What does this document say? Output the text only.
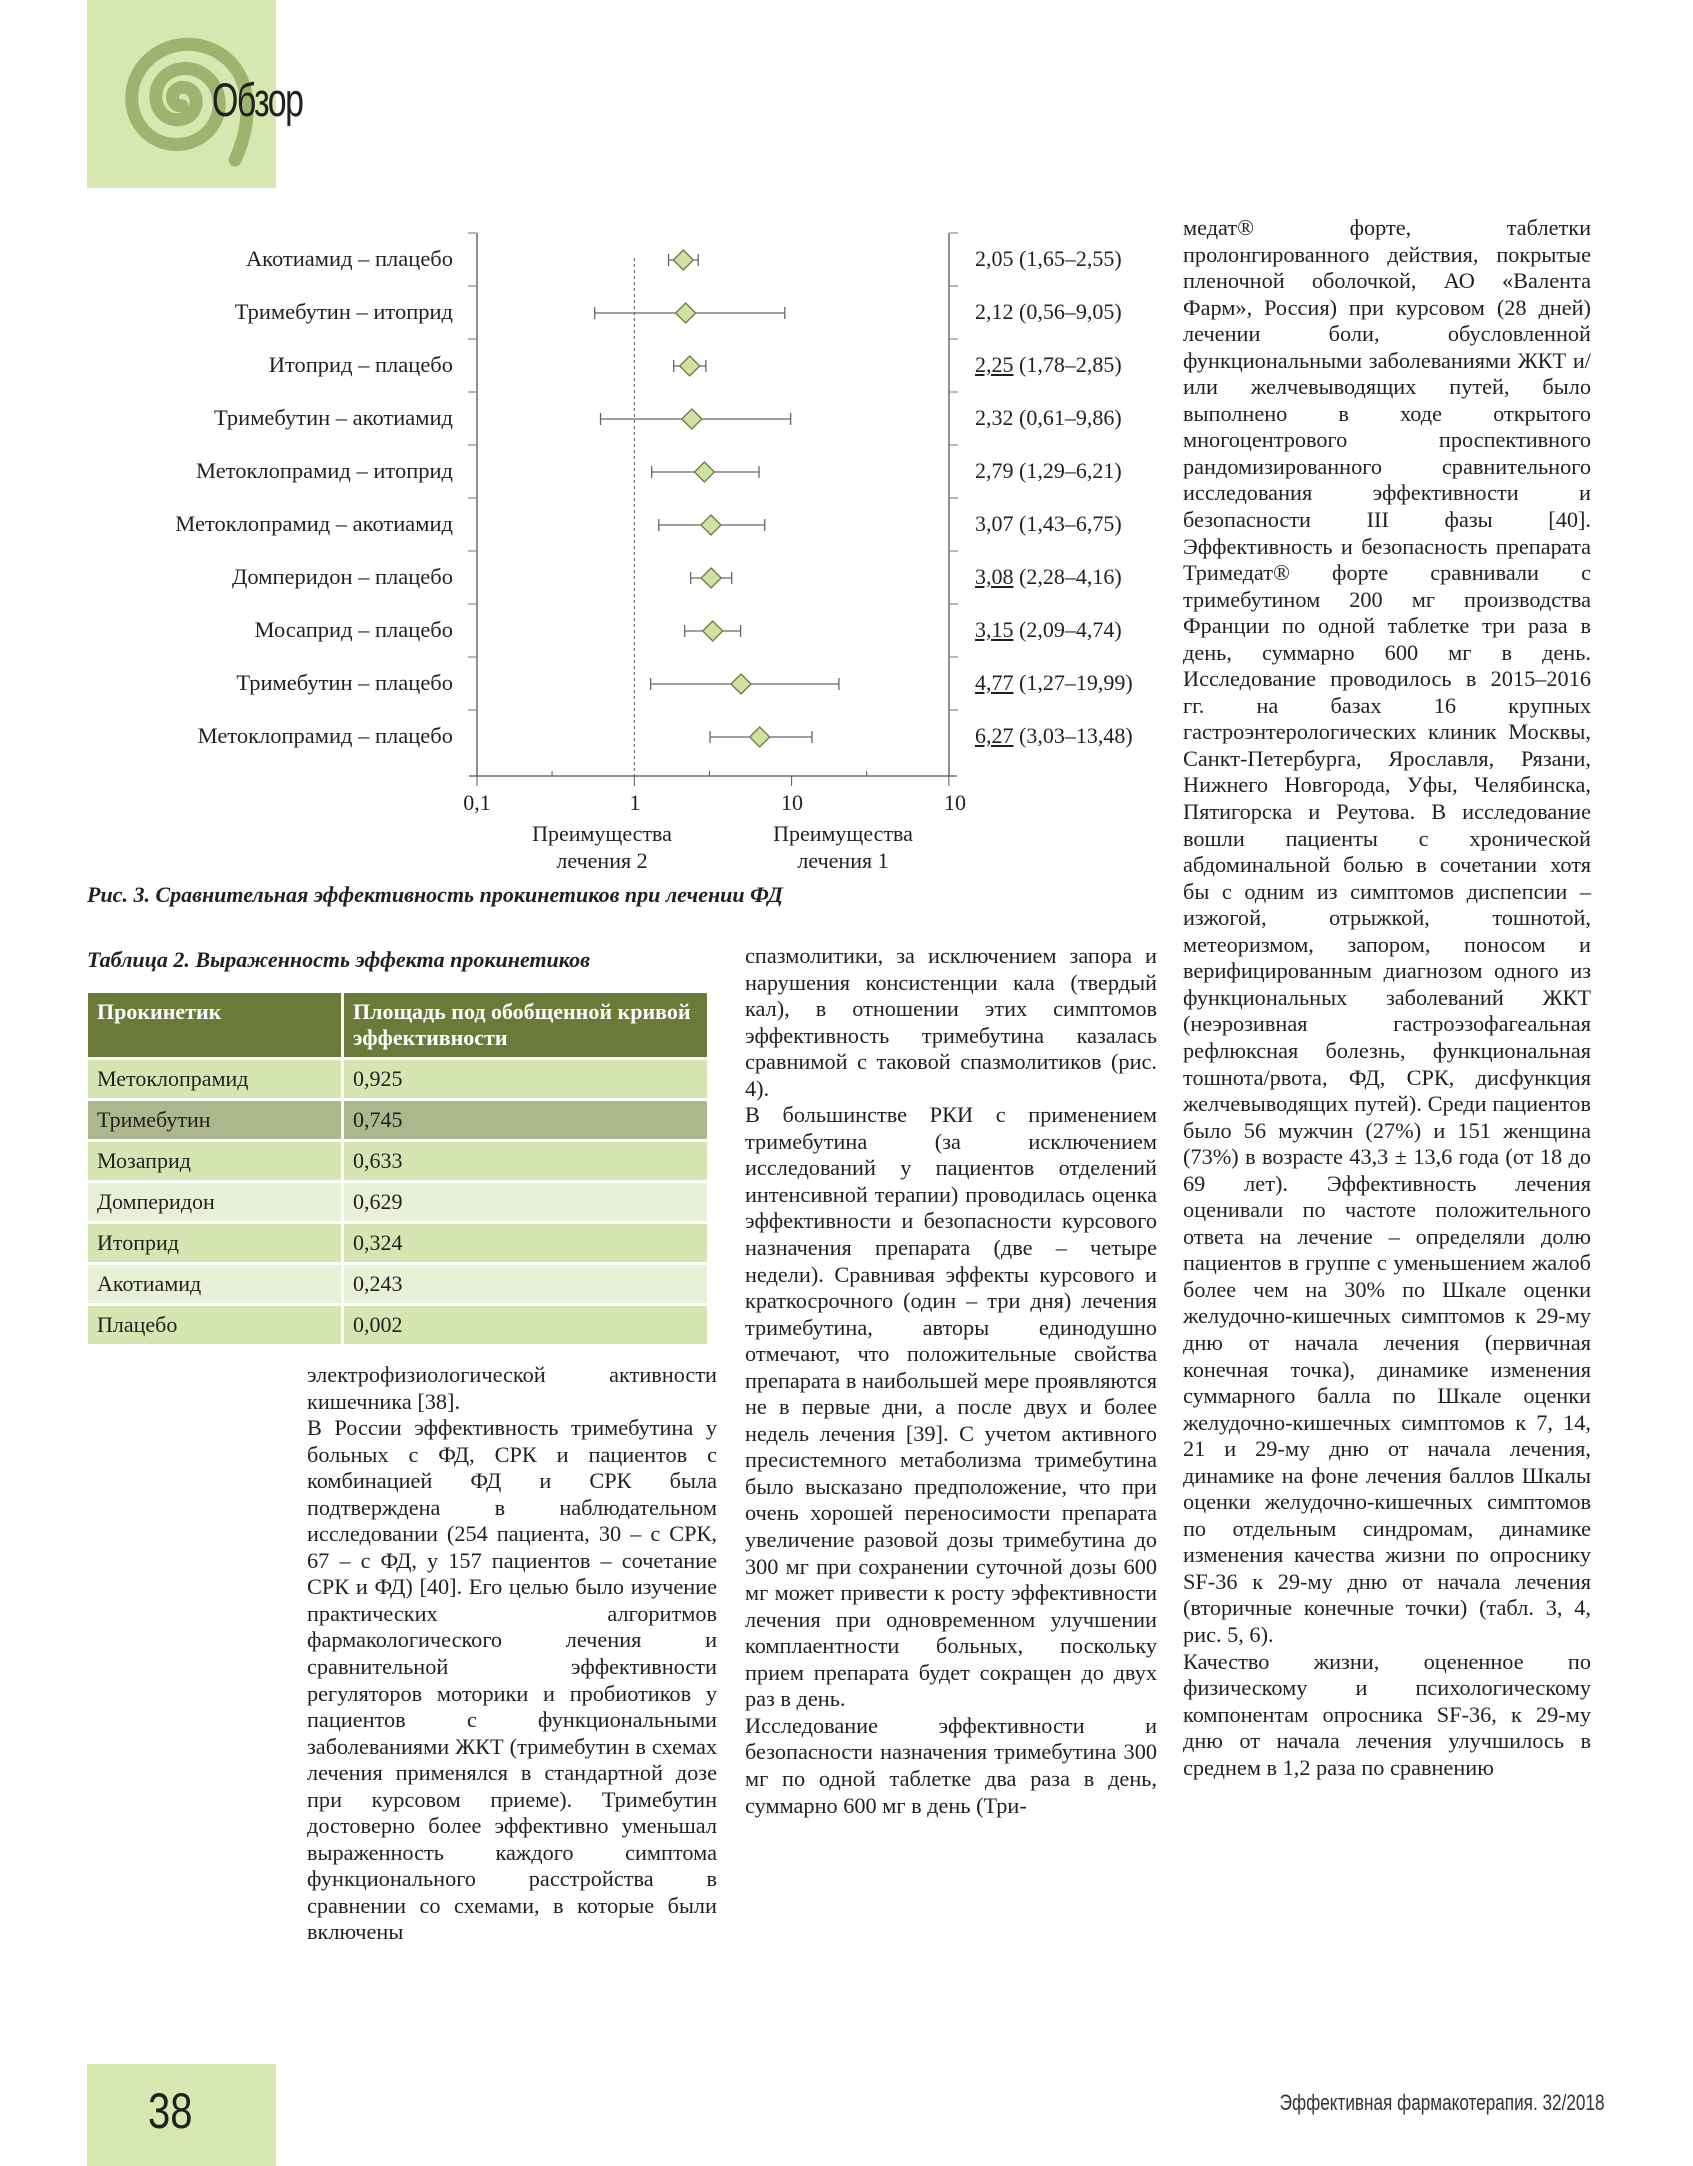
Обзор
Акотиамид – плацебо	2,05 (1,65–2,55)
Тримебутин – итоприд	2,12 (0,56–9,05)
Итоприд – плацебо	2,25 (1,78–2,85)
Тримебутин – акотиамид	2,32 (0,61–9,86)
Метоклопрамид – итоприд	2,79 (1,29–6,21)
Метоклопрамид – акотиамид	3,07 (1,43–6,75)
Домперидон – плацебо	3,08 (2,28–4,16)
Мосаприд – плацебо	3,15 (2,09–4,74)
Тримебутин – плацебо	4,77 (1,27–19,99)
Метоклопрамид – плацебо	6,27 (3,03–13,48)
0,1	1	10	10
Преимущества лечения 2
Преимущества лечения 1
Рис. 3. Сравнительная эффективность прокинетиков при лечении ФД
Таблица 2. Выраженность эффекта прокинетиков
Прокинетик	Площадь под обобщенной кривой эффективности
Метоклопрамид	0,925
Тримебутин	0,745
Мозаприд	0,633
Домперидон	0,629
Итоприд	0,324
Акотиамид	0,243
Плацебо	0,002

электрофизиологической активности кишечника [38].

В России эффективность тримебутина у больных с ФД, СРК и пациентов с комбинацией ФД и СРК была подтверждена в наблюдательном исследовании (254 пациента, 30 – с СРК, 67 – с ФД, у 157 пациентов – сочетание СРК и ФД) [40]. Его целью было изучение практических алгоритмов фармакологического лечения и сравнительной эффективности регуляторов моторики и пробиотиков у пациентов с функциональными заболеваниями ЖКТ (тримебутин в схемах лечения применялся в стандартной дозе при курсовом приеме). Тримебутин достоверно более эффективно уменьшал выраженность каждого симптома функционального расстройства в сравнении со схемами, в которые были включены

спазмолитики, за исключением запора и нарушения консистенции кала (твердый кал), в отношении этих симптомов эффективность тримебутина казалась сравнимой с таковой спазмолитиков (рис. 4).

В большинстве РКИ с применением тримебутина (за исключением исследований у пациентов отделений интенсивной терапии) проводилась оценка эффективности и безопасности курсового назначения препарата (две – четыре недели). Сравнивая эффекты курсового и краткосрочного (один – три дня) лечения тримебутина, авторы единодушно отмечают, что положительные свойства препарата в наибольшей мере проявляются не в первые дни, а после двух и более недель лечения [39]. С учетом активного пресистемного метаболизма тримебутина было высказано предположение, что при очень хорошей переносимости препарата увеличение разовой дозы тримебутина до 300 мг при сохранении суточной дозы 600 мг может привести к росту эффективности лечения при одновременном улучшении комплаентности больных, поскольку прием препарата будет сокращен до двух раз в день.

Исследование эффективности и безопасности назначения тримебутина 300 мг по одной таблетке два раза в день, суммарно 600 мг в день (Три-

медат® форте, таблетки пролонгированного действия, покрытые пленочной оболочкой, АО «Валента Фарм», Россия) при курсовом (28 дней) лечении боли, обусловленной функциональными заболеваниями ЖКТ и/или желчевыводящих путей, было выполнено в ходе открытого многоцентрового проспективного рандомизированного сравнительного исследования эффективности и безопасности III фазы [40]. Эффективность и безопасность препарата Тримедат® форте сравнивали с тримебутином 200 мг производства Франции по одной таблетке три раза в день, суммарно 600 мг в день. Исследование проводилось в 2015–2016 гг. на базах 16 крупных гастроэнтерологических клиник Москвы, Санкт-Петербурга, Ярославля, Рязани, Нижнего Новгорода, Уфы, Челябинска, Пятигорска и Реутова. В исследование вошли пациенты с хронической абдоминальной болью в сочетании хотя бы с одним из симптомов диспепсии – изжогой, отрыжкой, тошнотой, метеоризмом, запором, поносом и верифицированным диагнозом одного из функциональных заболеваний ЖКТ (неэрозивная гастроэзофагеальная рефлюксная болезнь, функциональная тошнота/рвота, ФД, СРК, дисфункция желчевыводящих путей). Среди пациентов было 56 мужчин (27%) и 151 женщина (73%) в возрасте 43,3 ± 13,6 года (от 18 до 69 лет). Эффективность лечения оценивали по частоте положительного ответа на лечение – определяли долю пациентов в группе с уменьшением жалоб более чем на 30% по Шкале оценки желудочно-кишечных симптомов к 29-му дню от начала лечения (первичная конечная точка), динамике изменения суммарного балла по Шкале оценки желудочно-кишечных симптомов к 7, 14, 21 и 29-му дню от начала лечения, динамике на фоне лечения баллов Шкалы оценки желудочно-кишечных симптомов по отдельным синдромам, динамике изменения качества жизни по опроснику SF-36 к 29-му дню от начала лечения (вторичные конечные точки) (табл. 3, 4, рис. 5, 6).

Качество жизни, оцененное по физическому и психологическому компонентам опросника SF-36, к 29-му дню от начала лечения улучшилось в среднем в 1,2 раза по сравнению

38	Эффективная фармакотерапия. 32/2018
